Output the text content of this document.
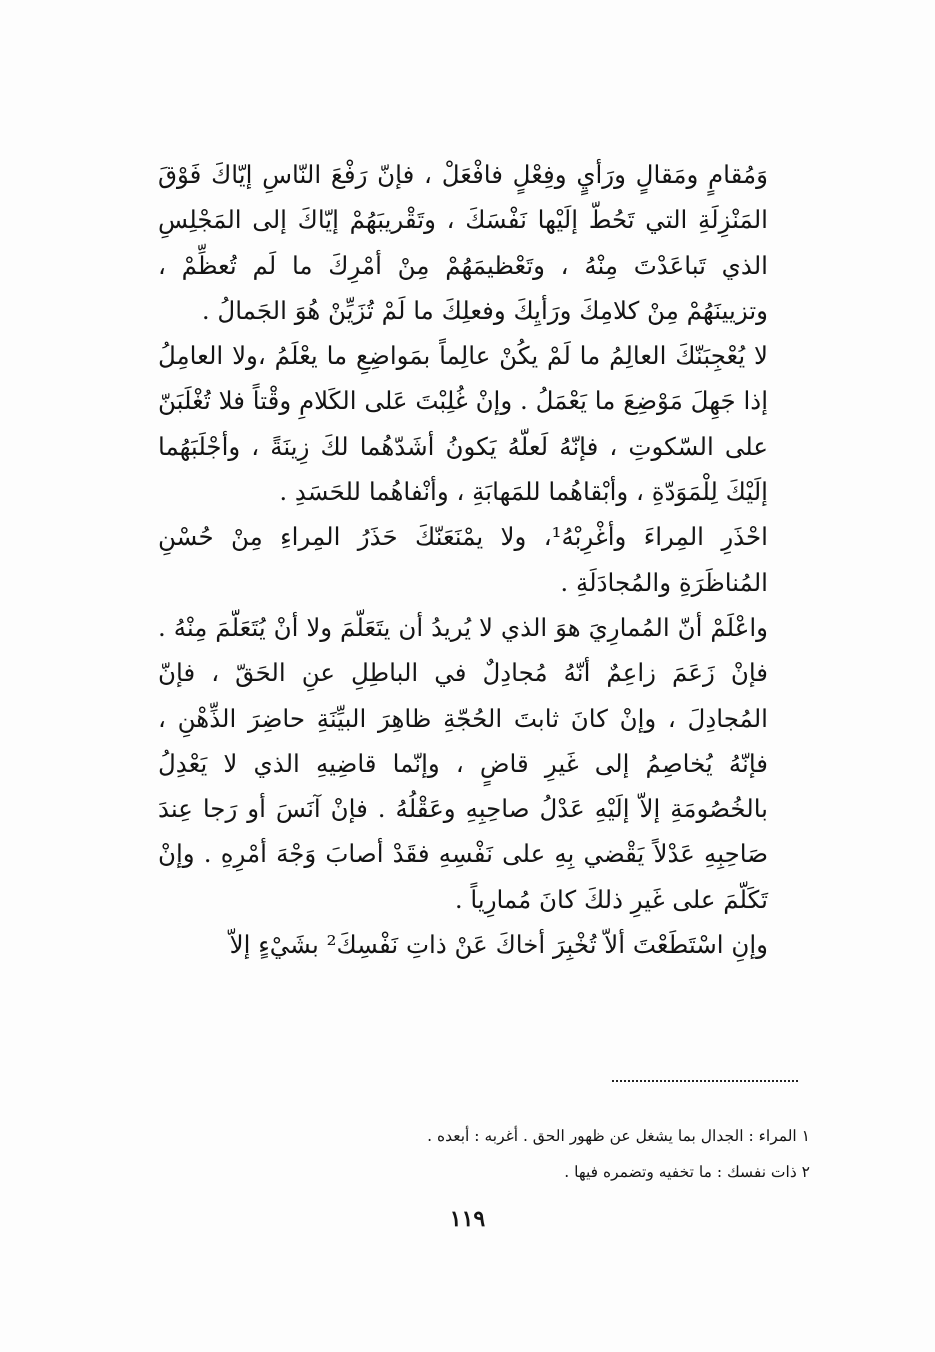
وَمُقامٍ ومَقالٍ ورَأيٍ وفِعْلٍ فافْعَلْ ، فإنّ رَفْعَ النّاسِ إيّاكَ فَوْقَ المَنْزِلَةِ التي تَحُطّ إلَيْها نَفْسَكَ ، وتَقْريبَهُمْ إيّاكَ إلى المَجْلِسِ الذي تَباعَدْتَ مِنْهُ ، وتَعْظيمَهُمْ مِنْ أمْرِكَ ما لَم تُعظِّمْ ، وتزيينَهُمْ مِنْ كلامِكَ ورَأيِكَ وفعلِكَ ما لَمْ تُزَيِّنْ هُوَ الجَمالُ .

لا يُعْجِبَنّكَ العالِمُ ما لَمْ يكُنْ عالِماً بمَواضِعِ ما يعْلَمُ ،ولا العامِلُ إذا جَهِلَ مَوْضِعَ ما يَعْمَلُ . وإنْ غُلِبْتَ عَلى الكَلامِ وقْتاً فلا تُغْلَبَنّ على السّكوتِ ، فإنّهُ لَعلّهُ يَكونُ أشَدّهُما لكَ زِينَةً ، وأجْلَبَهُما إلَيْكَ لِلْمَوَدّةِ ، وأبْقاهُما للمَهابَةِ ، وأنْفاهُما للحَسَدِ .

احْذَرِ المِراءَ وأغْرِبْهُ¹، ولا يمْنَعَنّكَ حَذَرُ المِراءِ مِنْ حُسْنِ المُناظَرَةِ والمُجادَلَةِ .

واعْلَمْ أنّ المُمارِيَ هوَ الذي لا يُريدُ أن يتَعَلّمَ ولا أنْ يُتَعَلّمَ مِنْهُ . فإنْ زَعَمَ زاعِمٌ أنّهُ مُجادِلٌ في الباطِلِ عنِ الحَقّ ، فإنّ المُجادِلَ ، وإنْ كانَ ثابتَ الحُجّةِ ظاهِرَ البيِّنَةِ حاضِرَ الذِّهْنِ ، فإنّهُ يُخاصِمُ إلى غَيرِ قاضٍ ، وإنّما قاضِيهِ الذي لا يَعْدِلُ بالخُصُومَةِ إلاّ إلَيْهِ عَدْلُ صاحِبِهِ وعَقْلُهُ . فإنْ آنَسَ أو رَجا عِندَ صَاحِبِهِ عَدْلاً يَقْضي بِهِ على نَفْسِهِ فقَدْ أصابَ وَجْهَ أمْرِهِ . وإنْ تَكَلّمَ على غَيرِ ذلكَ كانَ مُمارِياً .

وإنِ اسْتَطَعْتَ ألاّ تُخْبِرَ أخاكَ عَنْ ذاتِ نَفْسِكَ² بشَيْءٍ إلاّ

١ المراء : الجدال بما يشغل عن ظهور الحق . أغربه : أبعده .

٢ ذات نفسك : ما تخفيه وتضمره فيها .

١١٩
